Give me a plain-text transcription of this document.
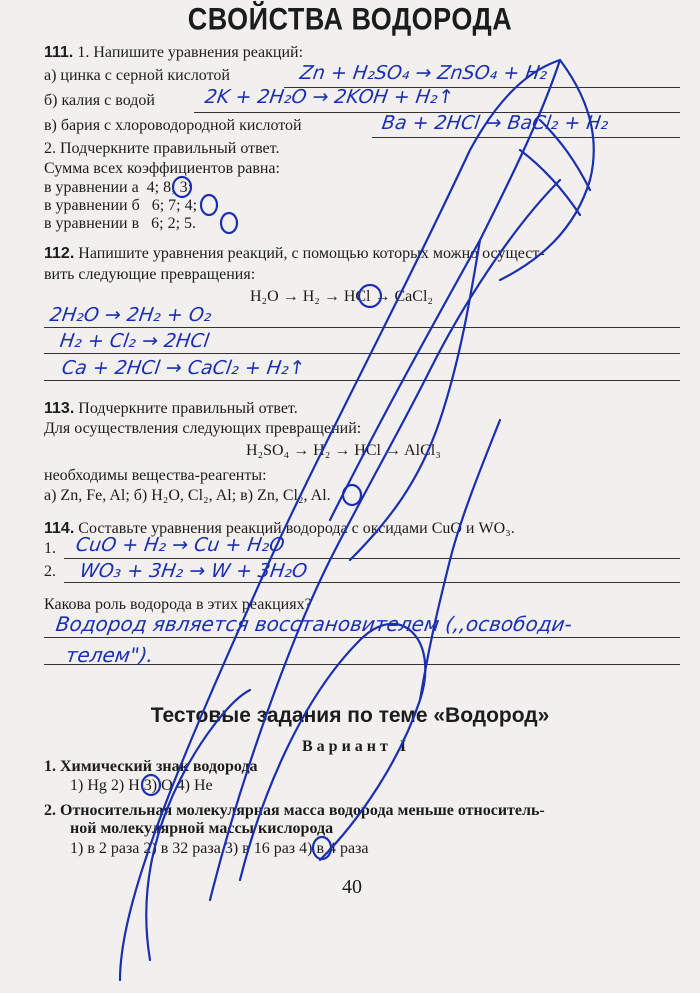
СВОЙСТВА ВОДОРОДА
111. 1. Напишите уравнения реакций:
а) цинка с серной кислотой	Zn + H₂SO₄ → ZnSO₄ + H₂
б) калия с водой	2K + 2H₂O → 2KOH + H₂↑
в) бария с хлороводородной кислотой	Ba + 2HCl → BaCl₂ + H₂
2. Подчеркните правильный ответ.
Сумма всех коэффициентов равна:
в уравнении а 4; 8; 3;
в уравнении б 6; 7; 4;
в уравнении в 6; 2; 5.
112. Напишите уравнения реакций, с помощью которых можно осущест-
вить следующие превращения:
H₂O → H₂ → HCl → CaCl₂
2H₂O → 2H₂ + O₂
H₂ + Cl₂ → 2HCl
Ca + 2HCl → CaCl₂ + H₂↑
113. Подчеркните правильный ответ.
Для осуществления следующих превращений:
H₂SO₄ → H₂ → HCl → AlCl₃
необходимы вещества-реагенты:
а) Zn, Fe, Al; б) H₂O, Cl₂, Al; в) Zn, Cl₂, Al.
114. Составьте уравнения реакций водорода с оксидами CuO и WO₃.
1. CuO + H₂ → Cu + H₂O
2. WO₃ + 3H₂ → W + 3H₂O
Какова роль водорода в этих реакциях?
Водород является восстановителем (,,освободи-
телем").
Тестовые задания по теме «Водород»
Вариант I
1. Химический знак водорода
1) Hg 2) H 3) O 4) He
2. Относительная молекулярная масса водорода меньше относитель-
ной молекулярной массы кислорода
1) в 2 раза 2) в 32 раза 3) в 16 раз 4) в 4 раза
40
